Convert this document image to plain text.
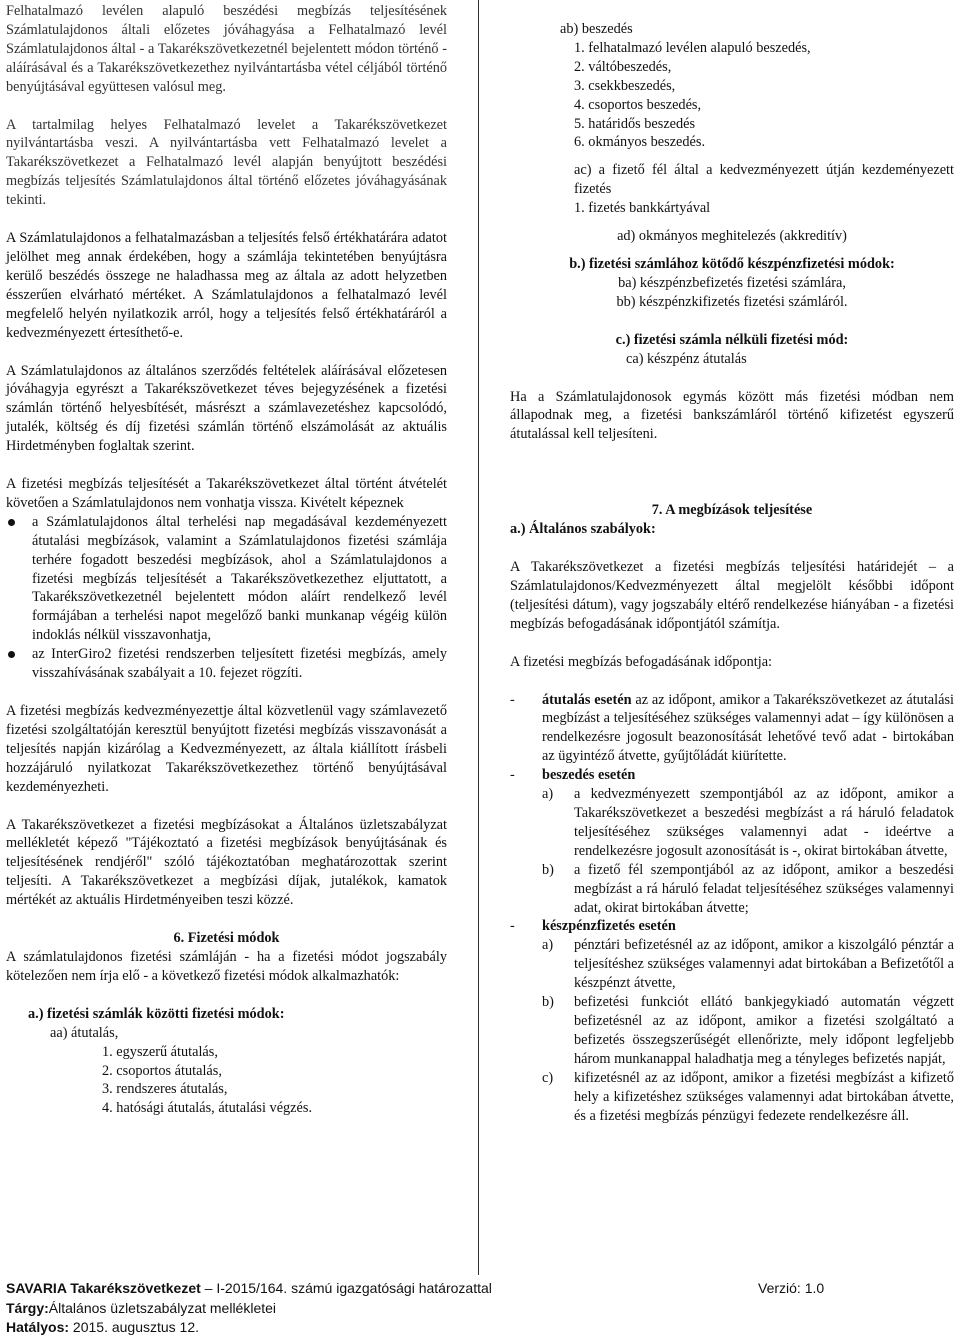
Felhatalmazó levélen alapuló beszédési megbízás teljesítésének Számlatulajdonos általi előzetes jóváhagyása a Felhatalmazó levél Számlatulajdonos által - a Takarékszövetkezetnél bejelentett módon történő - aláírásával és a Takarékszövetkezethez nyilvántartásba vétel céljából történő benyújtásával együttesen valósul meg.

A tartalmilag helyes Felhatalmazó levelet a Takarékszövetkezet nyilvántartásba veszi. A nyilvántartásba vett Felhatalmazó levelet a Takarékszövetkezet a Felhatalmazó levél alapján benyújtott beszédési megbízás teljesítés Számlatulajdonos által történő előzetes jóváhagyásának tekinti.

A Számlatulajdonos a felhatalmazásban a teljesítés felső értékhatárára adatot jelölhet meg annak érdekében, hogy a számlája tekintetében benyújtásra kerülő beszédés összege ne haladhassa meg az általa az adott helyzetben ésszerűen elvárható mértéket. A Számlatulajdonos a felhatalmazó levél megfelelő helyén nyilatkozik arról, hogy a teljesítés felső értékhatáráról a kedvezményezett értesíthető-e.

A Számlatulajdonos az általános szerződés feltételek aláírásával előzetesen jóváhagyja egyrészt a Takarékszövetkezet téves bejegyzésének a fizetési számlán történő helyesbítését, másrészt a számlavezetéshez kapcsolódó, jutalék, költség és díj fizetési számlán történő elszámolását az aktuális Hirdetményben foglaltak szerint.

A fizetési megbízás teljesítését a Takarékszövetkezet által történt átvételét követően a Számlatulajdonos nem vonhatja vissza. Kivételt képeznek

a Számlatulajdonos által terhelési nap megadásával kezdeményezett átutalási megbízások, valamint a Számlatulajdonos fizetési számlája terhére fogadott beszedési megbízások, ahol a Számlatulajdonos a fizetési megbízás teljesítését a Takarékszövetkezethez eljuttatott, a Takarékszövetkezetnél bejelentett módon aláírt rendelkező levél formájában a terhelési napot megelőző banki munkanap végéig külön indoklás nélkül visszavonhatja,

az InterGiro2 fizetési rendszerben teljesített fizetési megbízás, amely visszahívásának szabályait a 10. fejezet rögzíti.

A fizetési megbízás kedvezményezettje által közvetlenül vagy számlavezető fizetési szolgáltatóján keresztül benyújtott fizetési megbízás visszavonását a teljesítés napján kizárólag a Kedvezményezett, az általa kiállított írásbeli hozzájáruló nyilatkozat Takarékszövetkezethez történő benyújtásával kezdeményezheti.

A Takarékszövetkezet a fizetési megbízásokat a Általános üzletszabályzat mellékletét képező "Tájékoztató a fizetési megbízások benyújtásának és teljesítésének rendjéről" szóló tájékoztatóban meghatározottak szerint teljesíti. A Takarékszövetkezet a megbízási díjak, jutalékok, kamatok mértékét az aktuális Hirdetményeiben teszi közzé.

6. Fizetési módok

A számlatulajdonos fizetési számláján - ha a fizetési módot jogszabály kötelezően nem írja elő - a következő fizetési módok alkalmazhatók:

a.) fizetési számlák közötti fizetési módok:

aa) átutalás,

1. egyszerű átutalás,

2. csoportos átutalás,

3. rendszeres átutalás,

4. hatósági átutalás, átutalási végzés.

ab) beszedés

1. felhatalmazó levélen alapuló beszedés,

2. váltóbeszedés,

3. csekkbeszedés,

4. csoportos beszedés,

5. határidős beszedés

6. okmányos beszedés.

ac) a fizető fél által a kedvezményezett útján kezdeményezett fizetés

1. fizetés bankkártyával

ad) okmányos meghitelezés (akkreditív)

b.) fizetési számlához kötődő készpénzfizetési módok:

ba) készpénzbefizetés fizetési számlára,

bb) készpénzkifizetés fizetési számláról.

c.) fizetési számla nélküli fizetési mód:

ca) készpénz átutalás

Ha a Számlatulajdonosok egymás között más fizetési módban nem állapodnak meg, a fizetési bankszámláról történő kifizetést egyszerű átutalással kell teljesíteni.

7. A megbízások teljesítése

a.) Általános szabályok:

A Takarékszövetkezet a fizetési megbízás teljesítési határidejét – a Számlatulajdonos/Kedvezményezett által megjelölt későbbi időpont (teljesítési dátum), vagy jogszabály eltérő rendelkezése hiányában - a fizetési megbízás befogadásának időpontjától számítja.

A fizetési megbízás befogadásának időpontja:

- átutalás esetén az az időpont, amikor a Takarékszövetkezet az átutalási megbízást a teljesítéséhez szükséges valamennyi adat – így különösen a rendelkezésre jogosult beazonosítását lehetővé tevő adat - birtokában az ügyintéző átvette, gyűjtőládát kiürítette.

- beszedés esetén

a) a kedvezményezett szempontjából az az időpont, amikor a Takarékszövetkezet a beszedési megbízást a rá háruló feladatok teljesítéséhez szükséges valamennyi adat - ideértve a rendelkezésre jogosult azonosítását is -, okirat birtokában átvette,

b) a fizető fél szempontjából az az időpont, amikor a beszedési megbízást a rá háruló feladat teljesítéséhez szükséges valamennyi adat, okirat birtokában átvette;

- készpénzfizetés esetén

a) pénztári befizetésnél az az időpont, amikor a kiszolgáló pénztár a teljesítéshez szükséges valamennyi adat birtokában a Befizetőtől a készpénzt átvette,

b) befizetési funkciót ellátó bankjegykiadó automatán végzett befizetésnél az az időpont, amikor a fizetési szolgáltató a befizetés összegszerűségét ellenőrizte, mely időpont legfeljebb három munkanappal haladhatja meg a tényleges befizetés napját,

c) kifizetésnél az az időpont, amikor a fizetési megbízást a kifizető hely a kifizetéshez szükséges valamennyi adat birtokában átvette, és a fizetési megbízás pénzügyi fedezete rendelkezésre áll.

SAVARIA Takarékszövetkezet – I-2015/164. számú igazgatósági határozattal	Verzió: 1.0
Tárgy:Általános üzletszabályzat mellékletei
Hatályos: 2015. augusztus 12.
